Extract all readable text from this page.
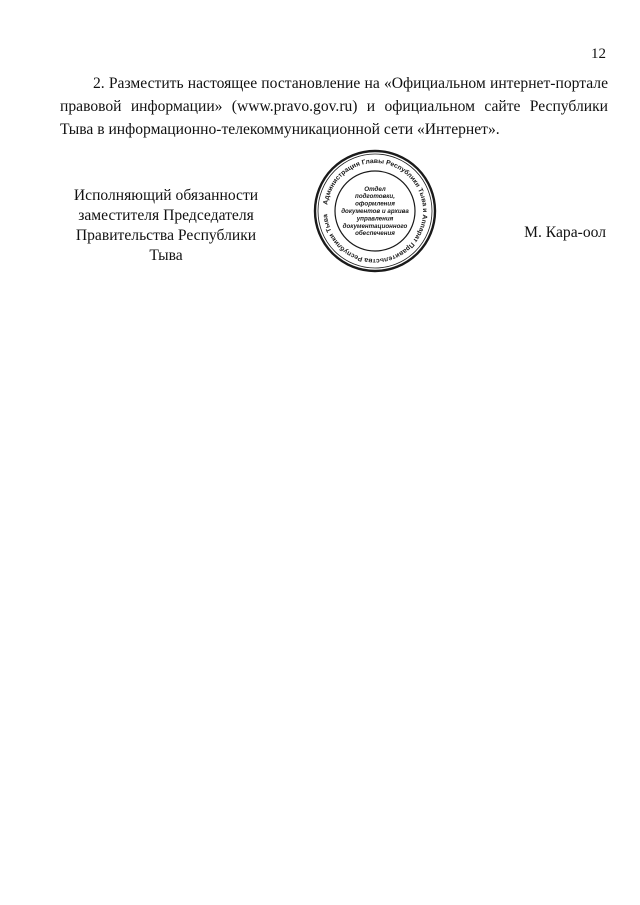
12
2. Разместить настоящее постановление на «Официальном интернет-портале правовой информации» (www.pravo.gov.ru) и официальном сайте Республики Тыва в информационно-телекоммуникационной сети «Интернет».
Исполняющий обязанности
заместителя Председателя
Правительства Республики Тыва
Администрация Главы Республики Тыва и Аппарат Правительства Республики Тыва
Отдел
подготовки,
оформления
документов и архива
управления
документационного
обеспечения	М. Кара-оол
